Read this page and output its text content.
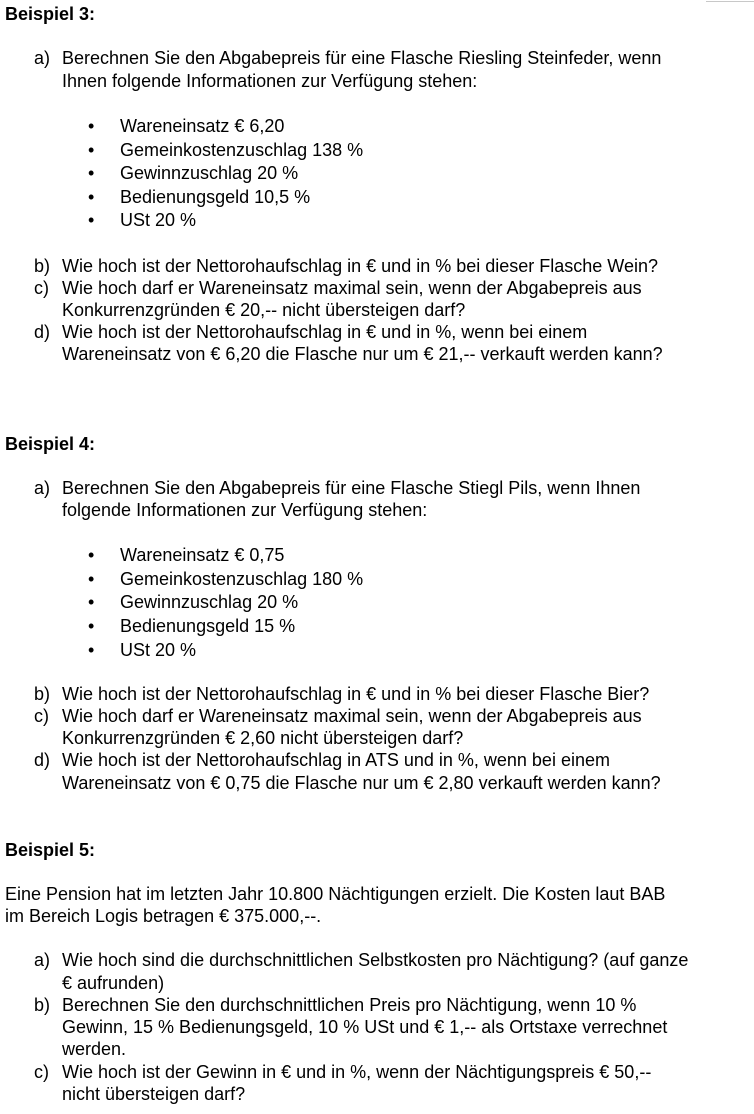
Beispiel 3:
a) Berechnen Sie den Abgabepreis für eine Flasche Riesling Steinfeder, wenn
Ihnen folgende Informationen zur Verfügung stehen:
• Wareneinsatz € 6,20
• Gemeinkostenzuschlag 138 %
• Gewinnzuschlag 20 %
• Bedienungsgeld 10,5 %
• USt 20 %
b) Wie hoch ist der Nettorohaufschlag in € und in % bei dieser Flasche Wein?
c) Wie hoch darf er Wareneinsatz maximal sein, wenn der Abgabepreis aus
Konkurrenzgründen € 20,-- nicht übersteigen darf?
d) Wie hoch ist der Nettorohaufschlag in € und in %, wenn bei einem
Wareneinsatz von € 6,20 die Flasche nur um € 21,-- verkauft werden kann?
Beispiel 4:
a) Berechnen Sie den Abgabepreis für eine Flasche Stiegl Pils, wenn Ihnen
folgende Informationen zur Verfügung stehen:
• Wareneinsatz € 0,75
• Gemeinkostenzuschlag 180 %
• Gewinnzuschlag 20 %
• Bedienungsgeld 15 %
• USt 20 %
b) Wie hoch ist der Nettorohaufschlag in € und in % bei dieser Flasche Bier?
c) Wie hoch darf er Wareneinsatz maximal sein, wenn der Abgabepreis aus
Konkurrenzgründen € 2,60 nicht übersteigen darf?
d) Wie hoch ist der Nettorohaufschlag in ATS und in %, wenn bei einem
Wareneinsatz von € 0,75 die Flasche nur um € 2,80 verkauft werden kann?
Beispiel 5:
Eine Pension hat im letzten Jahr 10.800 Nächtigungen erzielt. Die Kosten laut BAB
im Bereich Logis betragen € 375.000,--.
a) Wie hoch sind die durchschnittlichen Selbstkosten pro Nächtigung? (auf ganze
€ aufrunden)
b) Berechnen Sie den durchschnittlichen Preis pro Nächtigung, wenn 10 %
Gewinn, 15 % Bedienungsgeld, 10 % USt und € 1,-- als Ortstaxe verrechnet
werden.
c) Wie hoch ist der Gewinn in € und in %, wenn der Nächtigungspreis € 50,--
nicht übersteigen darf?
